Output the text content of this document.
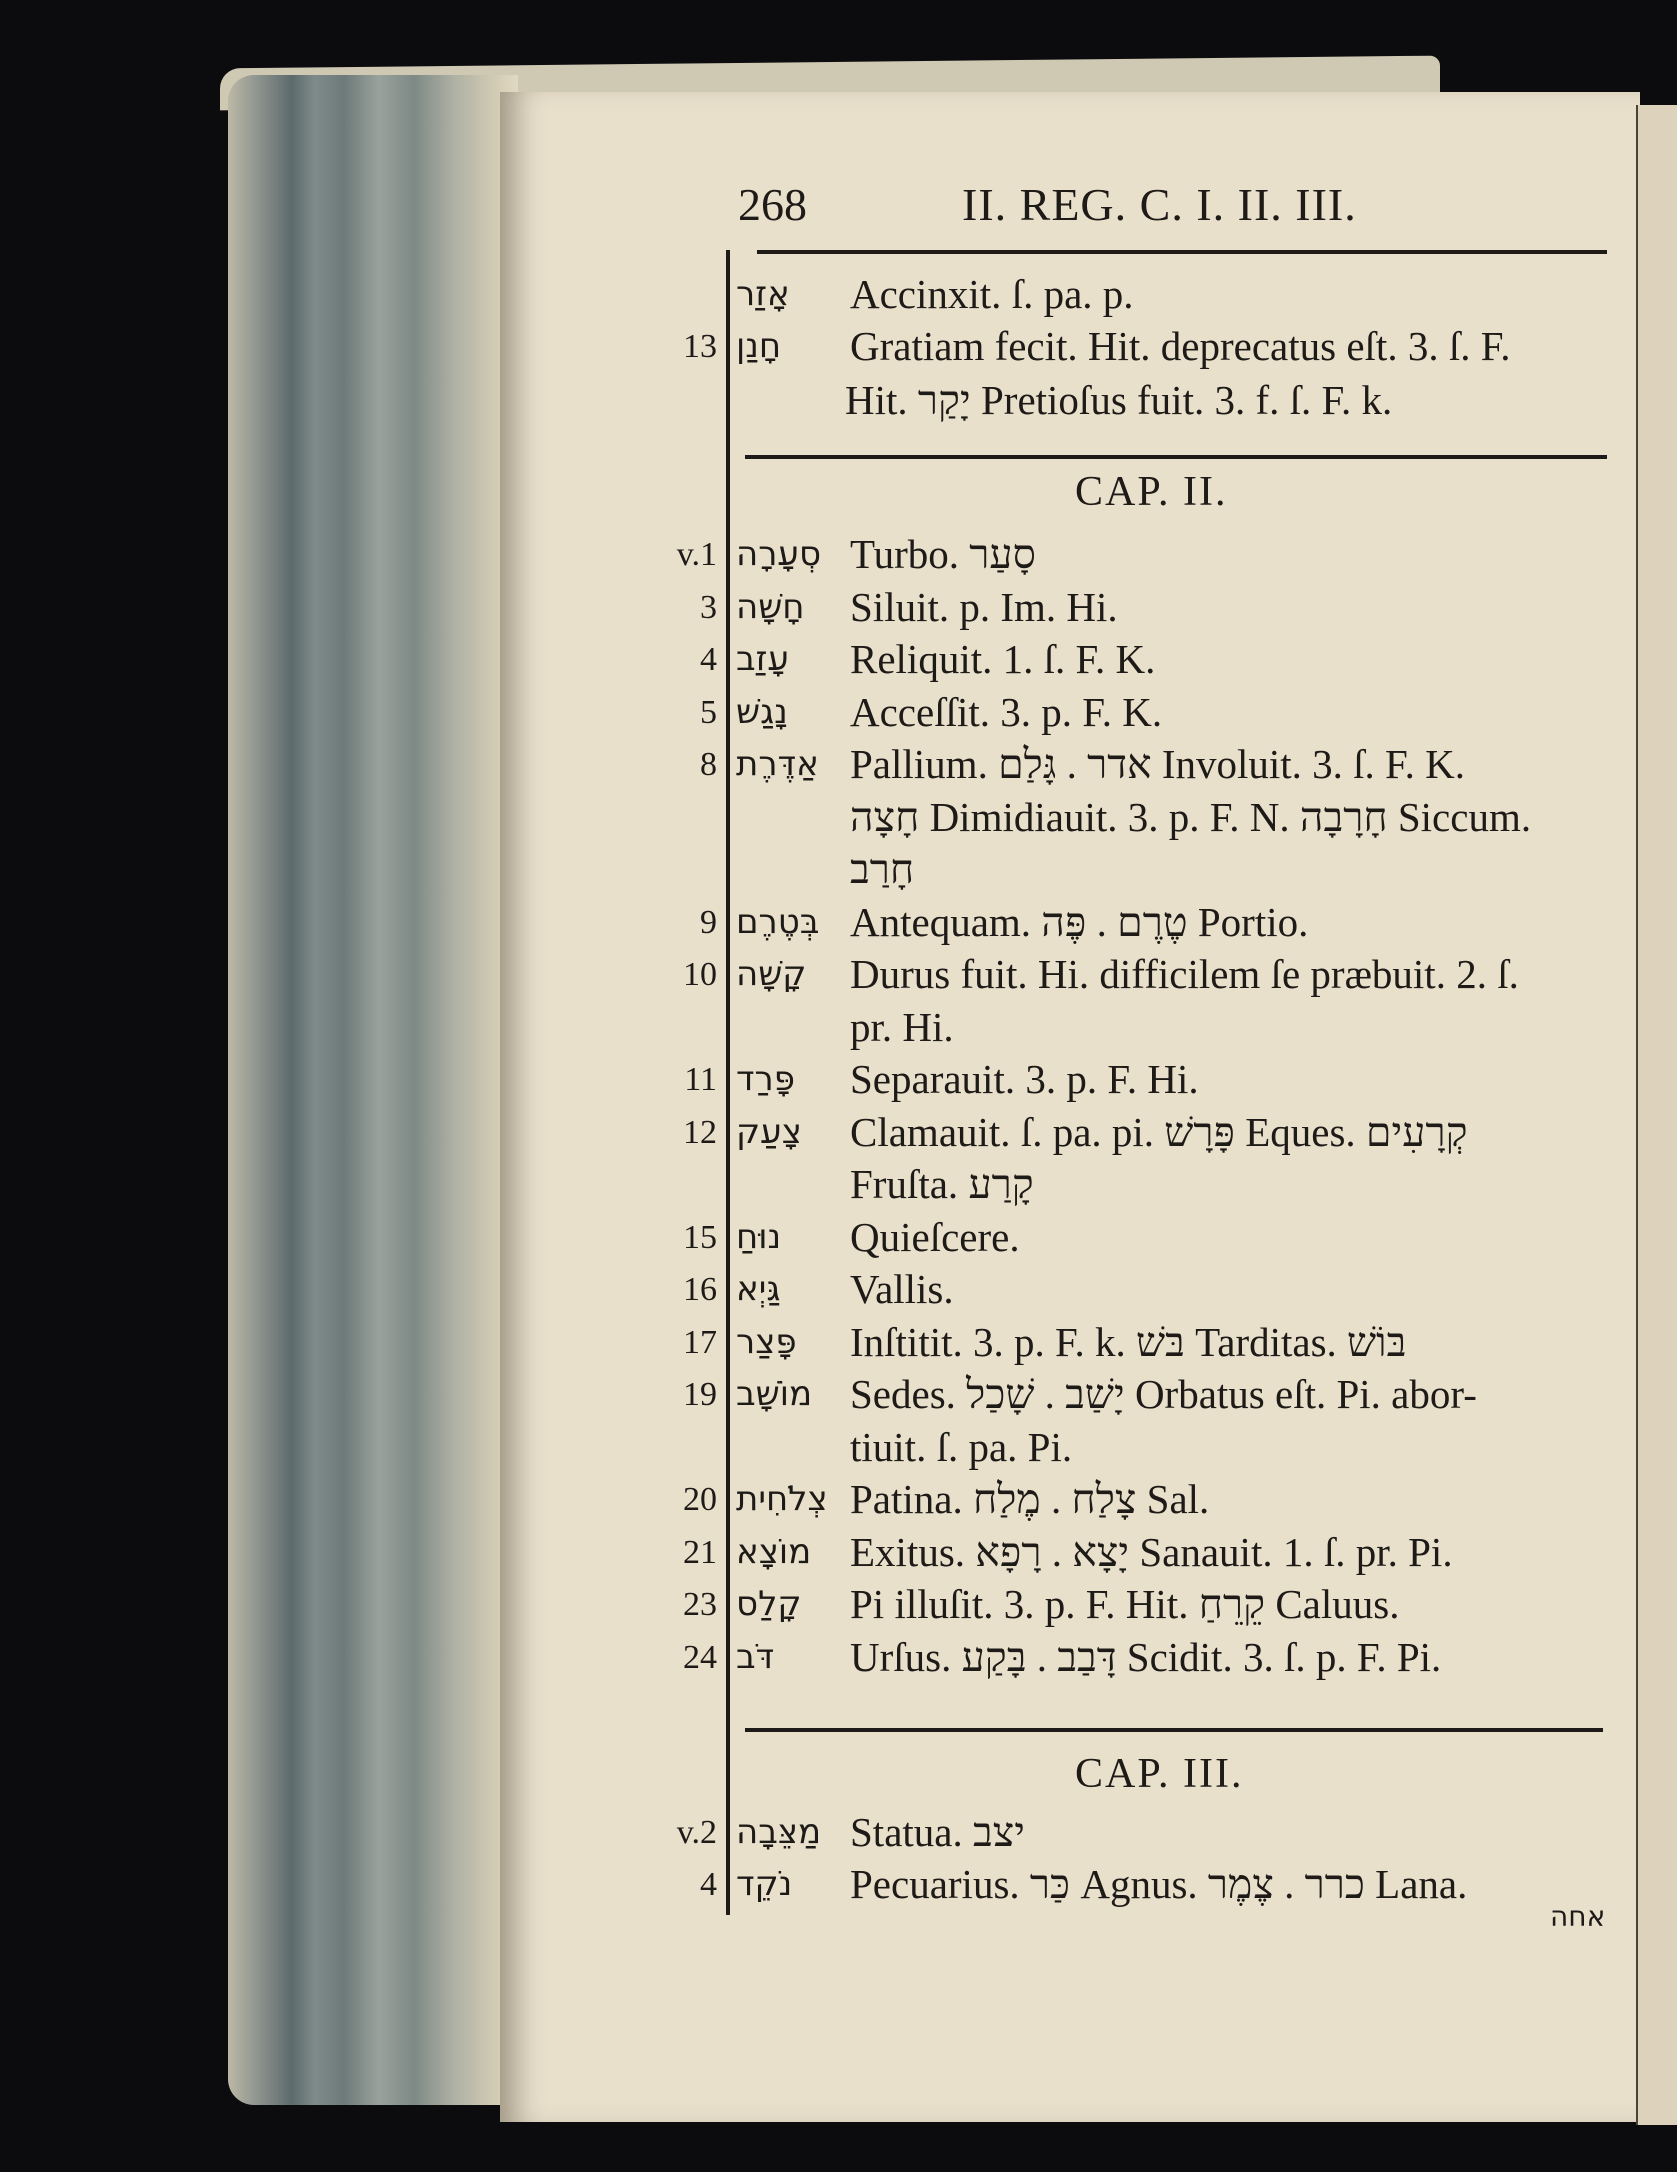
268	II. REG. C. I. II. III.
אָזַר	Accinxit. ſ. pa. p.
13 חָנַן	Gratiam fecit. Hit. deprecatus eſt. 3. ſ. F.
Hit. יָקַר Pretioſus fuit. 3. f. ſ. F. k.
CAP. II.
v.1 סְעָרָה Turbo. סָעַר
3 חָשָׁה	Siluit. p. Im. Hi.
4 עָזַב	Reliquit. 1. ſ. F. K.
5 נָגַשׁ	Acceſſit. 3. p. F. K.
8 אַדֶּרֶת Pallium. אדר . גָּלַם Involuit. 3. ſ. F. K.
חָצָה Dimidiauit. 3. p. F. N. חָרָבָה Siccum.
חָרַב
9 בְּטֶרֶם Antequam. טֶרֶם . פֶּה Portio.
10 קָשָׁה	Durus fuit. Hi. difficilem ſe præbuit. 2. ſ.
pr. Hi.
11 פָּרַד	Separauit. 3. p. F. Hi.
12 צָעַק	Clamauit. ſ. pa. pi. פָּרָשׁ Eques. קְרָעִים
Fruſta. קָרַע
15 נוּחַ	Quieſcere.
16 גַּיְא	Vallis.
17 פָּצַר	Inſtitit. 3. p. F. k. בּשׁ Tarditas. בּוֹשׁ
19 מוֹשָׁב Sedes. יָשַׁב . שָׁכַל Orbatus eſt. Pi. abor-
tiuit. ſ. pa. Pi.
20 צְלֹחִית Patina. צָלַח . מֶלַח Sal.
21 מוֹצָא Exitus. יָצָא . רָפָא Sanauit. 1. ſ. pr. Pi.
23 קָלַס	Pi illuſit. 3. p. F. Hit. קֵרֵחַ Caluus.
24 דֹּב	Urſus. דָּבַב . בָּקַע Scidit. 3. ſ. p. F. Pi.
CAP. III.
v.2 מַצֵּבָה Statua. יצב
4 נֹקֵד	Pecuarius. כַּר Agnus. כרר . צֶמֶר Lana.
אחה
